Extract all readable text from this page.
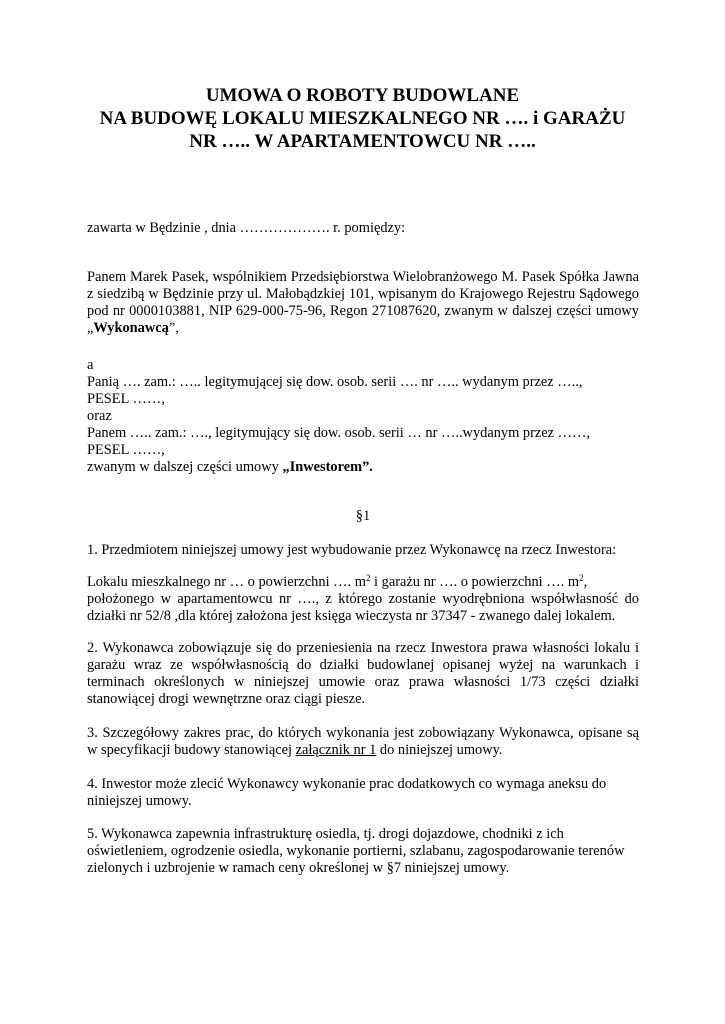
UMOWA O ROBOTY BUDOWLANE
NA BUDOWĘ LOKALU MIESZKALNEGO NR …. i GARAŻU
NR ….. W APARTAMENTOWCU NR …..
zawarta w Będzinie , dnia ………………. r. pomiędzy:
Panem Marek Pasek, wspólnikiem Przedsiębiorstwa Wielobranżowego M. Pasek Spółka Jawna z siedzibą w Będzinie przy ul. Małobądzkiej 101, wpisanym do Krajowego Rejestru Sądowego pod nr 0000103881, NIP 629-000-75-96, Regon 271087620, zwanym w dalszej części umowy „Wykonawcą”,
a
Panią …. zam.: ….. legitymującej się dow. osob. serii …. nr ….. wydanym przez …..,
PESEL ……,
oraz
Panem ….. zam.: …., legitymujący się dow. osob. serii … nr …..wydanym przez ……,
PESEL ……,
zwanym w dalszej części umowy „Inwestorem”.
§1
1. Przedmiotem niniejszej umowy jest wybudowanie przez Wykonawcę na rzecz Inwestora:
Lokalu mieszkalnego nr … o powierzchni …. $m^2$ i garażu nr …. o powierzchni …. $m^2$,
położonego w apartamentowcu nr …., z którego zostanie wyodrębniona współwłasność do działki nr 52/8 ,dla której założona jest księga wieczysta nr 37347 - zwanego dalej lokalem.
2. Wykonawca zobowiązuje się do przeniesienia na rzecz Inwestora prawa własności lokalu i garażu wraz ze współwłasnością do działki budowlanej opisanej wyżej na warunkach i terminach określonych w niniejszej umowie oraz prawa własności 1/73 części działki stanowiącej drogi wewnętrzne oraz ciągi piesze.
3. Szczegółowy zakres prac, do których wykonania jest zobowiązany Wykonawca, opisane są w specyfikacji budowy stanowiącej załącznik nr 1 do niniejszej umowy.
4. Inwestor może zlecić Wykonawcy wykonanie prac dodatkowych co wymaga aneksu do
niniejszej umowy.
5. Wykonawca zapewnia infrastrukturę osiedla, tj. drogi dojazdowe, chodniki z ich
oświetleniem, ogrodzenie osiedla, wykonanie portierni, szlabanu, zagospodarowanie terenów
zielonych i uzbrojenie w ramach ceny określonej w §7 niniejszej umowy.
